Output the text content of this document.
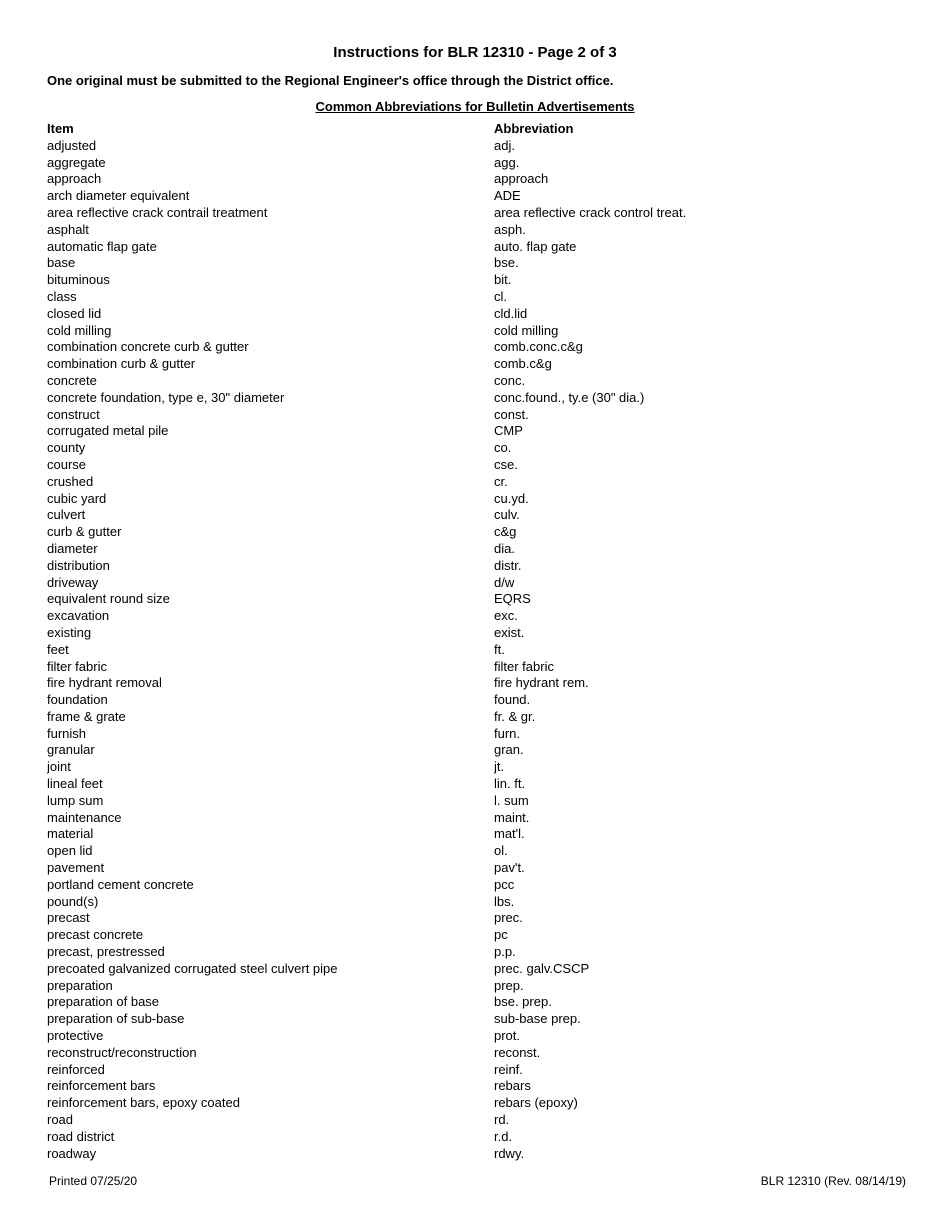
Instructions for BLR 12310 - Page 2 of 3
One original must be submitted to the Regional Engineer's office through the District office.
Common Abbreviations for Bulletin Advertisements
Item	Abbreviation
adjusted	adj.
aggregate	agg.
approach	approach
arch diameter equivalent	ADE
area reflective crack contrail treatment	area reflective crack control treat.
asphalt	asph.
automatic flap gate	auto. flap gate
base	bse.
bituminous	bit.
class	cl.
closed lid	cld.lid
cold milling	cold milling
combination concrete curb & gutter	comb.conc.c&g
combination curb & gutter	comb.c&g
concrete	conc.
concrete foundation, type e, 30" diameter	conc.found., ty.e (30" dia.)
construct	const.
corrugated metal pile	CMP
county	co.
course	cse.
crushed	cr.
cubic yard	cu.yd.
culvert	culv.
curb & gutter	c&g
diameter	dia.
distribution	distr.
driveway	d/w
equivalent round size	EQRS
excavation	exc.
existing	exist.
feet	ft.
filter fabric	filter fabric
fire hydrant removal	fire hydrant rem.
foundation	found.
frame & grate	fr. & gr.
furnish	furn.
granular	gran.
joint	jt.
lineal feet	lin. ft.
lump sum	l. sum
maintenance	maint.
material	mat'l.
open lid	ol.
pavement	pav't.
portland cement concrete	pcc
pound(s)	lbs.
precast	prec.
precast concrete	pc
precast, prestressed	p.p.
precoated galvanized corrugated steel culvert pipe	prec. galv.CSCP
preparation	prep.
preparation of base	bse. prep.
preparation of sub-base	sub-base prep.
protective	prot.
reconstruct/reconstruction	reconst.
reinforced	reinf.
reinforcement bars	rebars
reinforcement bars, epoxy coated	rebars (epoxy)
road	rd.
road district	r.d.
roadway	rdwy.
Printed 07/25/20	BLR 12310 (Rev. 08/14/19)
